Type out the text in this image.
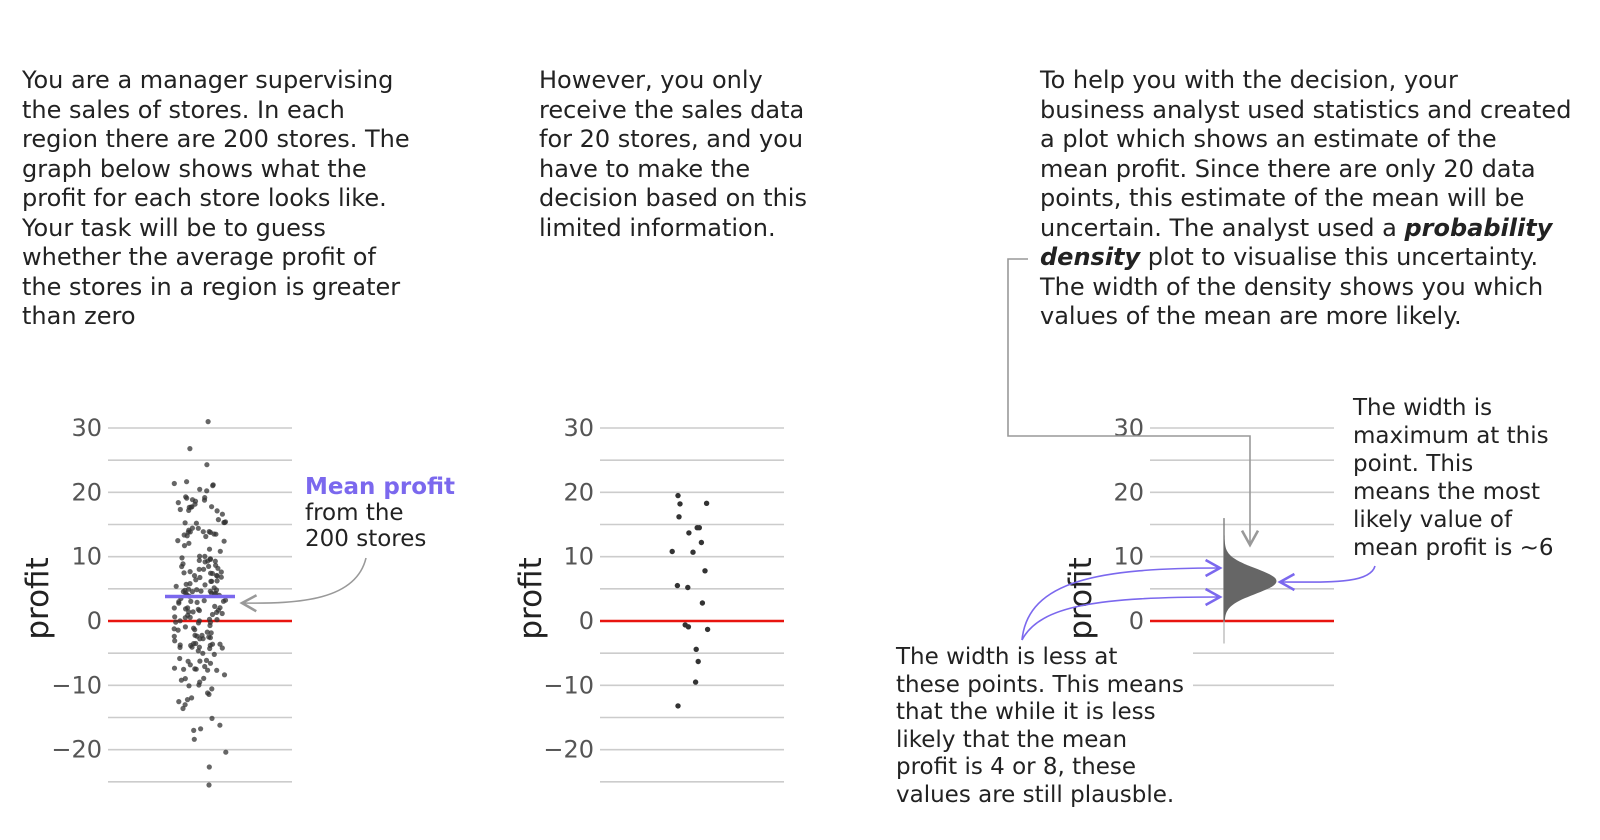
You are a manager supervising
the sales of stores. In each
region there are 200 stores. The
graph below shows what the
profit for each store looks like.
Your task will be to guess
whether the average profit of
the stores in a region is greater
than zero

However, you only
receive the sales data
for 20 stores, and you
have to make the
decision based on this
limited information.

To help you with the decision, your
business analyst used statistics and created
a plot which shows an estimate of the
mean profit. Since there are only 20 data
points, this estimate of the mean will be
uncertain. The analyst used a probability
density plot to visualise this uncertainty.
The width of the density shows you which
values of the mean are more likely.

30
20
10
0
−10
−20
profit
Mean profit
from the
200 stores
30
20
10
0
−10
−20
profit
30
20
10
0
profit
The width is
maximum at this
point. This
means the most
likely value of
mean profit is ~6
The width is less at
these points. This means
that the while it is less
likely that the mean
profit is 4 or 8, these
values are still plausble.
